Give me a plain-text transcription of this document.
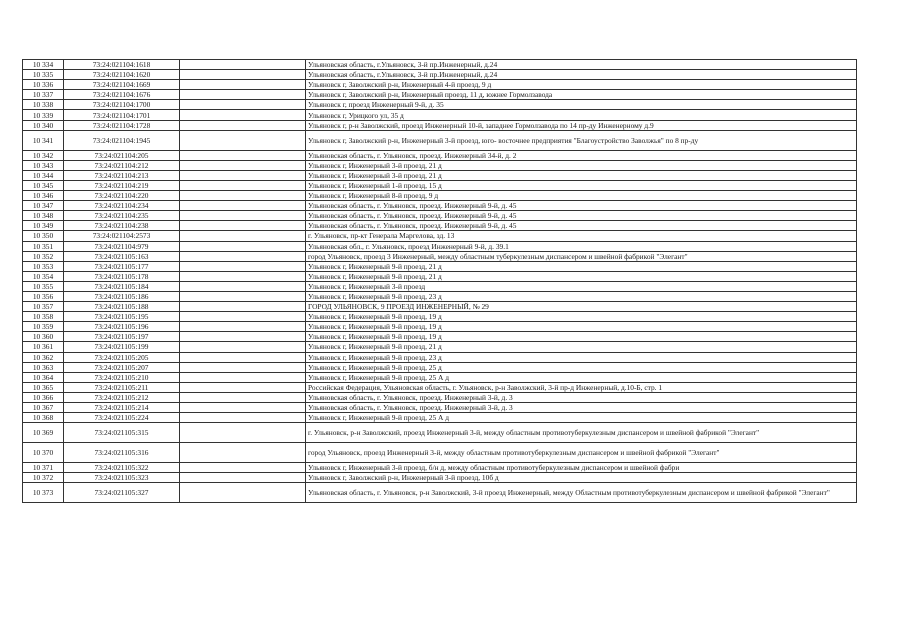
10 334	73:24:021104:1618		Ульяновская область, г.Ульяновск, 3-й пр.Инженерный, д.24
10 335	73:24:021104:1620		Ульяновская область, г.Ульяновск, 3-й пр.Инженерный, д.24
10 336	73:24:021104:1669		Ульяновск г, Заволжский р-н, Инженерный 4-й проезд, 9 д
10 337	73:24:021104:1676		Ульяновск г, Заволжский р-н, Инженерный проезд, 11 д, южнее Гормолзавода
10 338	73:24:021104:1700		Ульяновск г, проезд Инженерный 9-й, д. 35
10 339	73:24:021104:1701		Ульяновск г, Урицкого ул, 35 д
10 340	73:24:021104:1728		Ульяновск г, р-н Заволжский, проезд Инженерный 10-й, западнее Гормолзавода по 14 пр-ду Инженерному д.9
10 341	73:24:021104:1945		Ульяновск г, Заволжский р-н, Инженерный 3-й проезд, юго- восточнее предприятия "Благоустройство Заволжья" по 8 пр-ду
10 342	73:24:021104:205		Ульяновская область, г. Ульяновск, проезд. Инженерный 34-й, д. 2
10 343	73:24:021104:212		Ульяновск г, Инженерный 3-й проезд, 21 д
10 344	73:24:021104:213		Ульяновск г, Инженерный 3-й проезд, 21 д
10 345	73:24:021104:219		Ульяновск г, Инженерный 1-й проезд, 15 д
10 346	73:24:021104:220		Ульяновск г, Инженерный 8-й проезд, 9 д
10 347	73:24:021104:234		Ульяновская область, г. Ульяновск, проезд. Инженерный 9-й, д. 45
10 348	73:24:021104:235		Ульяновская область, г. Ульяновск, проезд. Инженерный 9-й, д. 45
10 349	73:24:021104:238		Ульяновская область, г. Ульяновск, проезд. Инженерный 9-й, д. 45
10 350	73:24:021104:2573		г. Ульяновск, пр-кт Генерала Маргелова, зд. 13
10 351	73:24:021104:979		Ульяновская обл., г. Ульяновск, проезд Инженерный 9-й, д. 39.1
10 352	73:24:021105:163		город Ульяновск, проезд 3 Инженерный, между областным туберкулезным диспансером и швейной фабрикой "Элегант"
10 353	73:24:021105:177		Ульяновск г, Инженерный 9-й проезд, 21 д
10 354	73:24:021105:178		Ульяновск г, Инженерный 9-й проезд, 21 д
10 355	73:24:021105:184		Ульяновск г, Инженерный 3-й проезд
10 356	73:24:021105:186		Ульяновск г, Инженерный 9-й проезд, 23 д
10 357	73:24:021105:188		ГОРОД УЛЬЯНОВСК, 9 ПРОЕЗД ИНЖЕНЕРНЫЙ, № 29
10 358	73:24:021105:195		Ульяновск г, Инженерный 9-й проезд, 19 д
10 359	73:24:021105:196		Ульяновск г, Инженерный 9-й проезд, 19 д
10 360	73:24:021105:197		Ульяновск г, Инженерный 9-й проезд, 19 д
10 361	73:24:021105:199		Ульяновск г, Инженерный 9-й проезд, 21 д
10 362	73:24:021105:205		Ульяновск г, Инженерный 9-й проезд, 23 д
10 363	73:24:021105:207		Ульяновск г, Инженерный 9-й проезд, 25 д
10 364	73:24:021105:210		Ульяновск г, Инженерный 9-й проезд, 25 А д
10 365	73:24:021105:211		Российская Федерация, Ульяновская область, г. Ульяновск, р-н Заволжский, 3-й пр-д Инженерный, д.10-Б, стр. 1
10 366	73:24:021105:212		Ульяновская область, г. Ульяновск, проезд. Инженерный 3-й, д. 3
10 367	73:24:021105:214		Ульяновская область, г. Ульяновск, проезд. Инженерный 3-й, д. 3
10 368	73:24:021105:224		Ульяновск г, Инженерный 9-й проезд, 25 А д
10 369	73:24:021105:315		г. Ульяновск, р-н Заволжский, проезд Инженерный 3-й, между областным противотуберкулезным диспансером и швейной фабрикой "Элегант"
10 370	73:24:021105:316		город Ульяновск, проезд Инженерный 3-й, между областным противотуберкулезным диспансером и швейной фабрикой "Элегант"
10 371	73:24:021105:322		Ульяновск г, Инженерный 3-й проезд, б/н д, между областным противотуберкулезным диспансером и швейной фабри
10 372	73:24:021105:323		Ульяновск г, Заволжский р-н, Инженерный 3-й проезд, 10б д
10 373	73:24:021105:327		Ульяновская область, г. Ульяновск, р-н Заволжский, 3-й проезд Инженерный, между Областным противотуберкулезным диспансером и швейной фабрикой "Элегант"
